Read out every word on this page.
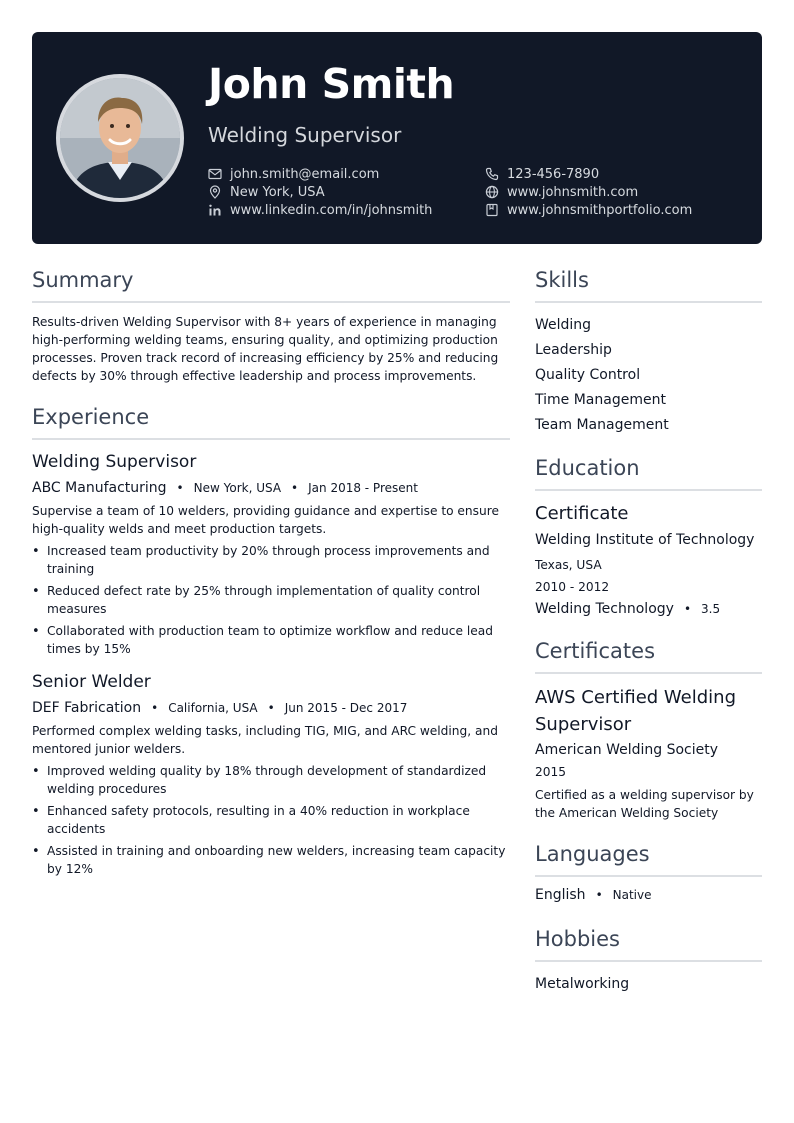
John Smith
Welding Supervisor
john.smith@email.com
New York, USA
www.linkedin.com/in/johnsmith
123-456-7890
www.johnsmith.com
www.johnsmithportfolio.com
Summary
Results-driven Welding Supervisor with 8+ years of experience in managing high-performing welding teams, ensuring quality, and optimizing production processes. Proven track record of increasing efficiency by 25% and reducing defects by 30% through effective leadership and process improvements.
Experience
Welding Supervisor
ABC Manufacturing • New York, USA • Jan 2018 - Present
Supervise a team of 10 welders, providing guidance and expertise to ensure high-quality welds and meet production targets.
• Increased team productivity by 20% through process improvements and training
• Reduced defect rate by 25% through implementation of quality control measures
• Collaborated with production team to optimize workflow and reduce lead times by 15%
Senior Welder
DEF Fabrication • California, USA • Jun 2015 - Dec 2017
Performed complex welding tasks, including TIG, MIG, and ARC welding, and mentored junior welders.
• Improved welding quality by 18% through development of standardized welding procedures
• Enhanced safety protocols, resulting in a 40% reduction in workplace accidents
• Assisted in training and onboarding new welders, increasing team capacity by 12%
Skills
Welding
Leadership
Quality Control
Time Management
Team Management
Education
Certificate
Welding Institute of Technology
Texas, USA
2010 - 2012
Welding Technology • 3.5
Certificates
AWS Certified Welding Supervisor
American Welding Society
2015
Certified as a welding supervisor by the American Welding Society
Languages
English • Native
Hobbies
Metalworking
